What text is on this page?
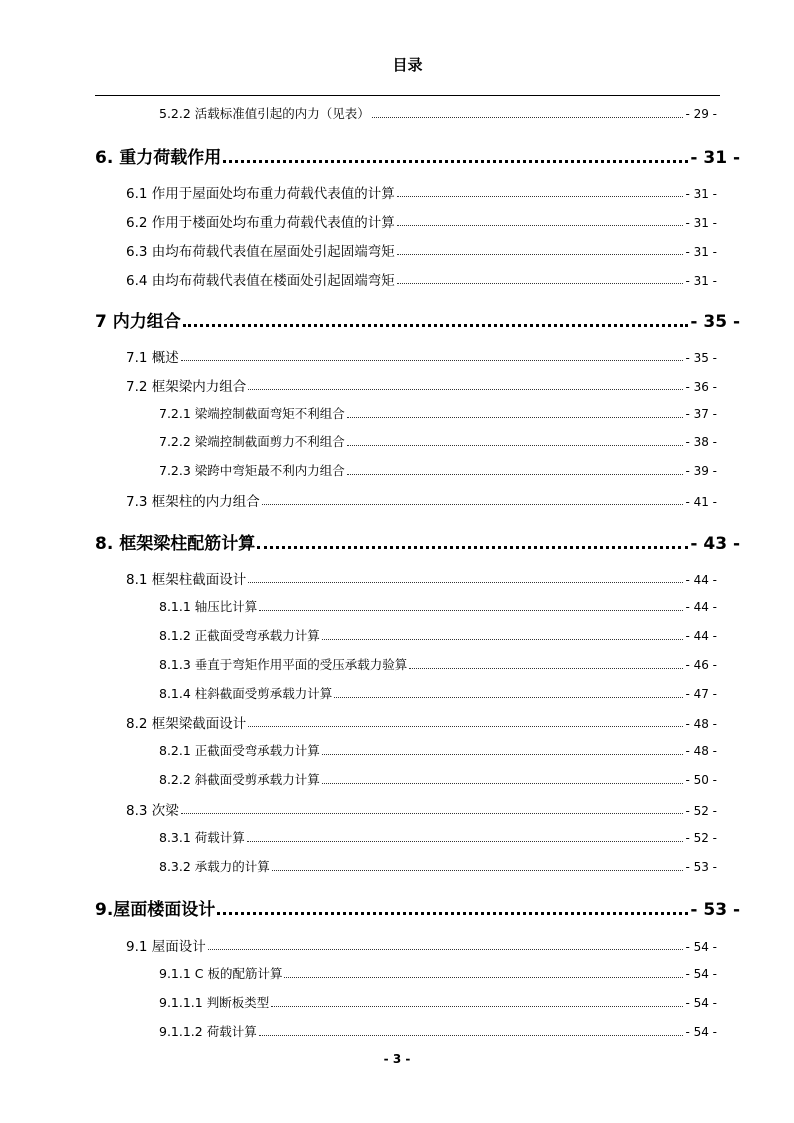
目录
5.2.2 活载标准值引起的内力（见表）	- 29 -
6. 重力荷载作用	- 31 -
6.1 作用于屋面处均布重力荷载代表值的计算	- 31 -
6.2 作用于楼面处均布重力荷载代表值的计算	- 31 -
6.3 由均布荷载代表值在屋面处引起固端弯矩	- 31 -
6.4 由均布荷载代表值在楼面处引起固端弯矩	- 31 -
7 内力组合	- 35 -
7.1 概述	- 35 -
7.2 框架梁内力组合	- 36 -
7.2.1 梁端控制截面弯矩不利组合	- 37 -
7.2.2 梁端控制截面剪力不利组合	- 38 -
7.2.3 梁跨中弯矩最不利内力组合	- 39 -
7.3 框架柱的内力组合	- 41 -
8. 框架梁柱配筋计算	- 43 -
8.1 框架柱截面设计	- 44 -
8.1.1 轴压比计算	- 44 -
8.1.2 正截面受弯承载力计算	- 44 -
8.1.3 垂直于弯矩作用平面的受压承载力验算	- 46 -
8.1.4 柱斜截面受剪承载力计算	- 47 -
8.2 框架梁截面设计	- 48 -
8.2.1 正截面受弯承载力计算	- 48 -
8.2.2 斜截面受剪承载力计算	- 50 -
8.3 次梁	- 52 -
8.3.1 荷载计算	- 52 -
8.3.2 承载力的计算	- 53 -
9.屋面楼面设计	- 53 -
9.1 屋面设计	- 54 -
9.1.1 C 板的配筋计算	- 54 -
9.1.1.1 判断板类型	- 54 -
9.1.1.2 荷载计算	- 54 -
- 3 -
